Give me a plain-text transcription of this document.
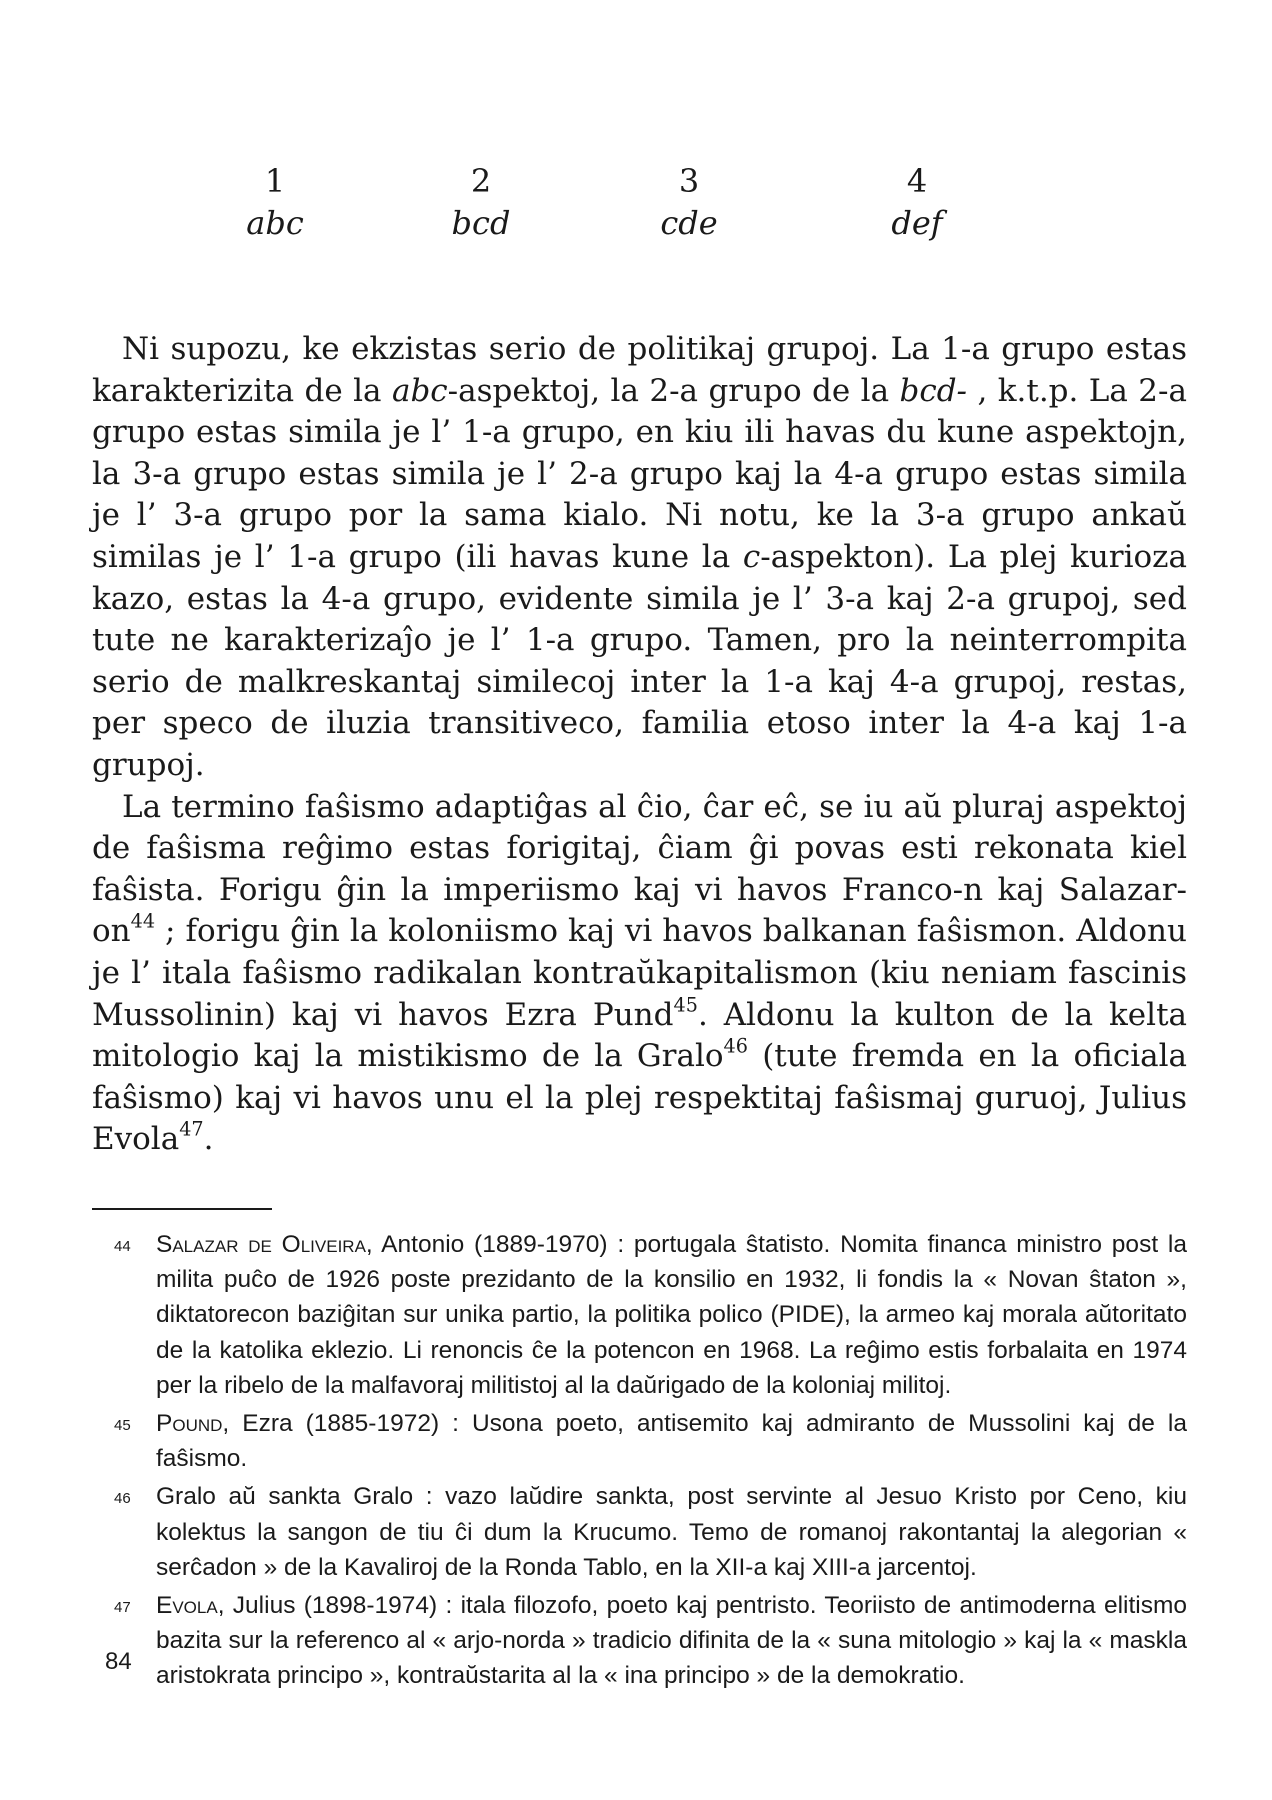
1
abc
2
bcd
3
cde
4
def

Ni supozu, ke ekzistas serio de politikaj grupoj. La 1-a grupo estas karakterizita de la abc-aspektoj, la 2-a grupo de la bcd- , k.t.p. La 2-a grupo estas simila je l’ 1-a grupo, en kiu ili havas du kune aspektojn, la 3-a grupo estas simila je l’ 2-a grupo kaj la 4-a grupo estas simila je l’ 3-a grupo por la sama kialo. Ni notu, ke la 3-a grupo ankaŭ similas je l’ 1-a grupo (ili havas kune la c-aspekton). La plej kurioza kazo, estas la 4-a grupo, evidente simila je l’ 3-a kaj 2-a grupoj, sed tute ne karakterizaĵo je l’ 1-a grupo. Tamen, pro la neinterrompita serio de malkreskantaj similecoj inter la 1-a kaj 4-a grupoj, restas, per speco de iluzia transitiveco, familia etoso inter la 4-a kaj 1-a grupoj.

La termino faŝismo adaptiĝas al ĉio, ĉar eĉ, se iu aŭ pluraj aspektoj de faŝisma reĝimo estas forigitaj, ĉiam ĝi povas esti rekonata kiel faŝista. Forigu ĝin la imperiismo kaj vi havos Franco-n kaj Salazar-$on^{44}$ ; forigu ĝin la koloniismo kaj vi havos balkanan faŝismon. Aldonu je l’ itala faŝismo radikalan kontraŭkapitalismon (kiu neniam fascinis Mussolinin) kaj vi havos Ezra Pund$^{45}$. Aldonu la kulton de la kelta mitologio kaj la mistikismo de la Gralo$^{46}$ (tute fremda en la oficiala faŝismo) kaj vi havos unu el la plej respektitaj faŝismaj guruoj, Julius Evola$^{47}$.

44 Salazar de Oliveira, Antonio (1889-1970) : portugala ŝtatisto. Nomita financa ministro post la milita puĉo de 1926 poste prezidanto de la konsilio en 1932, li fondis la « Novan ŝtaton », diktatorecon baziĝitan sur unika partio, la politika polico (PIDE), la armeo kaj morala aŭtoritato de la katolika eklezio. Li renoncis ĉe la potencon en 1968. La reĝimo estis forbalaita en 1974 per la ribelo de la malfavoraj militistoj al la daŭrigado de la koloniaj militoj.
45 Pound, Ezra (1885-1972) : Usona poeto, antisemito kaj admiranto de Mussolini kaj de la faŝismo.
46 Gralo aŭ sankta Gralo : vazo laŭdire sankta, post servinte al Jesuo Kristo por Ceno, kiu kolektus la sangon de tiu ĉi dum la Krucumo. Temo de romanoj rakontantaj la alegorian « serĉadon » de la Kavaliroj de la Ronda Tablo, en la XII-a kaj XIII-a jarcentoj.
47 Evola, Julius (1898-1974) : itala filozofo, poeto kaj pentristo. Teoriisto de antimoderna elitismo bazita sur la referenco al « arjo-norda » tradicio difinita de la « suna mitologio » kaj la « maskla aristokrata principo », kontraŭstarita al la « ina principo » de la demokratio.
84
